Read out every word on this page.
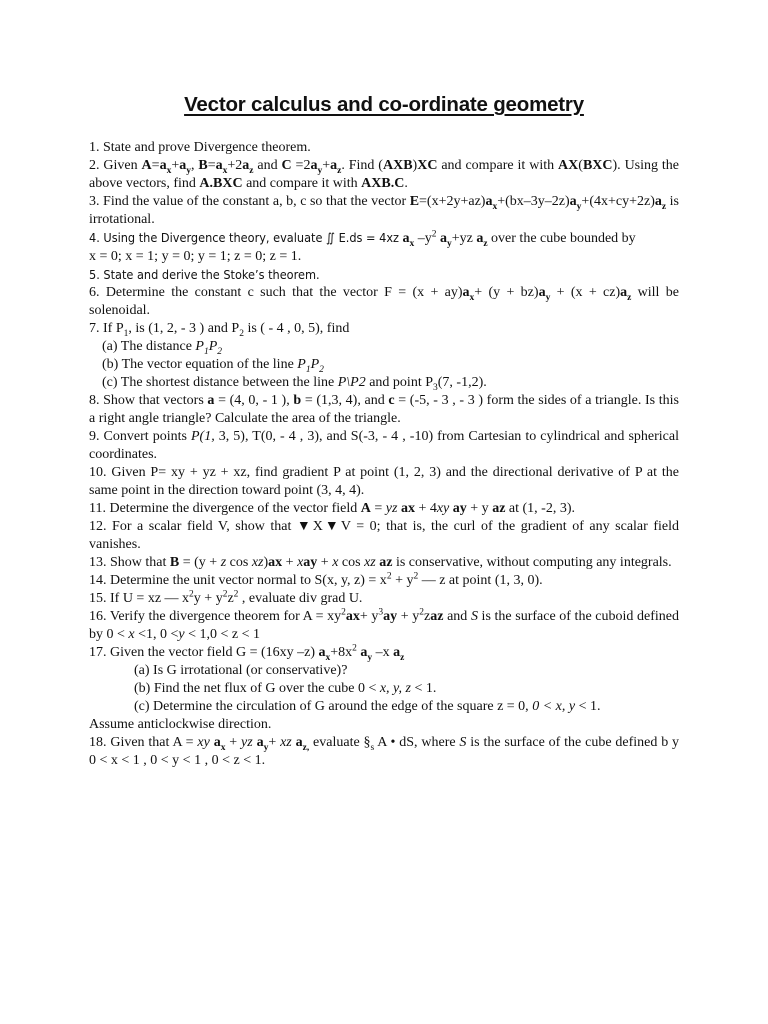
Vector calculus and co-ordinate geometry
1. State and prove Divergence theorem.
2. Given $A=a_x+a_y$, $B=a_x+2a_z$ and $C =2a_y+a_z$. Find (AXB)XC and compare it with AX(BXC). Using the above vectors, find A.BXC and compare it with AXB.C.
3. Find the value of the constant a, b, c so that the vector $E=(x+2y+az)a_x+(bx-3y-2z)a_y+(4x+cy+2z)a_z$ is irrotational.
4. Using the Divergence theory, evaluate ∬ E.ds = 4xz $a_x$ $-y^2$ $a_y+yz$ $a_z$ over the cube bounded by
x = 0; x = 1; y = 0; y = 1; z = 0; z = 1.
5. State and derive the Stoke’s theorem.
6. Determine the constant c such that the vector $F = (x + ay)a_x+ (y + bz)a_y + (x + cz)a_z$ will be solenoidal.
7. If $P_1$, is (1, 2, - 3 ) and $P_2$ is ( - 4 , 0, 5), find
(a) The distance $P_1P_2$
(b) The vector equation of the line $P_1P_2$
(c) The shortest distance between the line P\P2 and point $P_3(7$, -1,2).
8. Show that vectors a = (4, 0, - 1 ), b = (1,3, 4), and c = (-5, - 3 , - 3 ) form the sides of a triangle. Is this a right angle triangle? Calculate the area of the triangle.
9. Convert points P(1, 3, 5), T(0, - 4 , 3), and S(-3, - 4 , -10) from Cartesian to cylindrical and spherical coordinates.
10. Given P= xy + yz + xz, find gradient P at point (1, 2, 3) and the directional derivative of P at the same point in the direction toward point (3, 4, 4).
11. Determine the divergence of the vector field A = yz ax + 4xy ay + y az at (1, -2, 3).
12. For a scalar field V, show that ▼X▼V = 0; that is, the curl of the gradient of any scalar field vanishes.
13. Show that B = (y + z cos xz)ax + xay + x cos xz az is conservative, without computing any integrals.
14. Determine the unit vector normal to S(x, y, $z) = x^2 + y^2$ — z at point (1, 3, 0).
15. If U = xz — $x^2y + y^2z^2$ , evaluate div grad U.
16. Verify the divergence theorem for $A = xy^2ax+ y^3ay + y^2zaz$ and S is the surface of the cuboid defined by 0 < x <1, 0 <y < 1,0 < z < 1
17. Given the vector field G = (16xy –z) $a_x+8x^2$ $a_y$ –x $a_z$
(a) Is G irrotational (or conservative)?
(b) Find the net flux of G over the cube 0 < x, y, z < 1.
(c) Determine the circulation of G around the edge of the square z = 0, 0 < x, y < 1.
Assume anticlockwise direction.
18. Given that A = xy $a_x$ + yz $a_y+$ xz $a_{z,}$ evaluate $\S_s$ A • dS, where S is the surface of the cube defined b y 0 < x < 1 , 0 < y < 1 , 0 < z < 1.
